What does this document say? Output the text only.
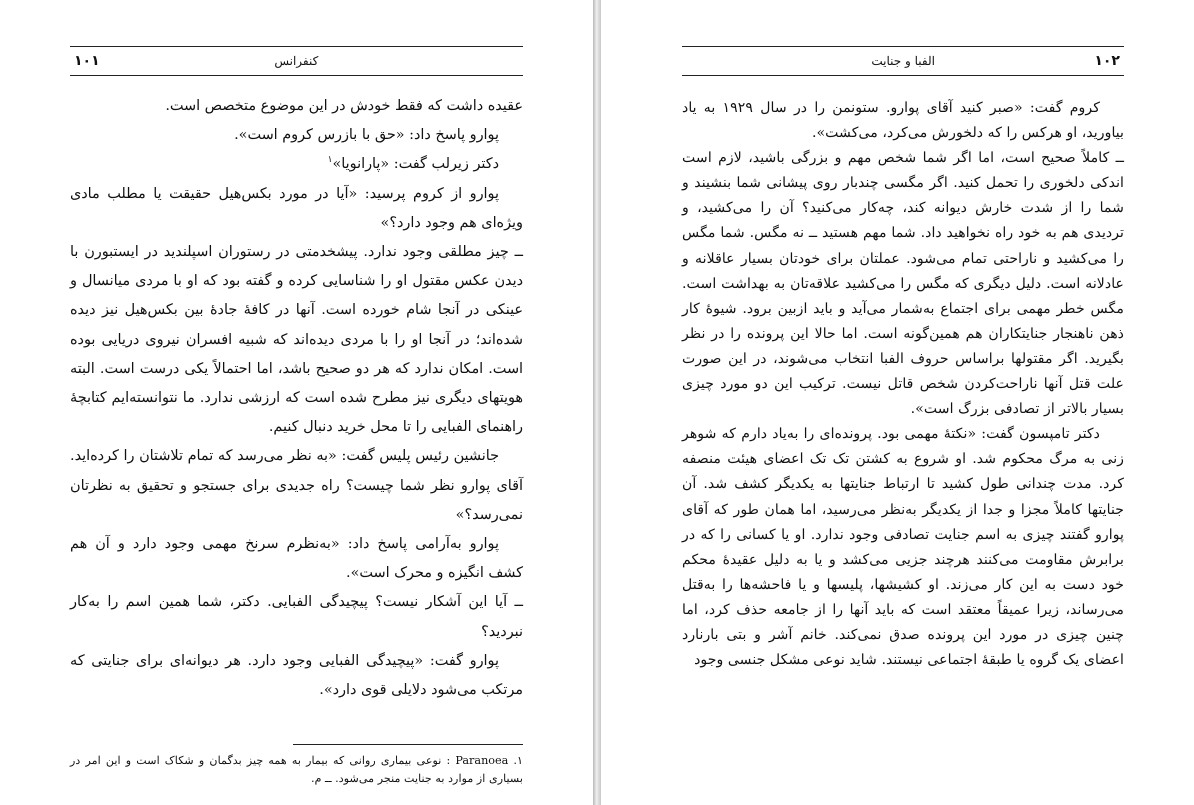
۱۰۱	کنفرانس

عقیده داشت که فقط خودش در این موضوع متخصص است.

پوارو پاسخ داد: «حق با بازرس کروم است».

دکتر زیرلب گفت: «پارانویا»$^۱$

پوارو از کروم پرسید: «آیا در مورد بکس‌هیل حقیقت یا مطلب مادی ویژه‌ای هم وجود دارد؟»

ــ چیز مطلقی وجود ندارد. پیشخدمتی در رستوران اسپلندید در ایستبورن با دیدن عکس مقتول او را شناسایی کرده و گفته بود که او با مردی میانسال و عینکی در آنجا شام خورده است. آنها در کافهٔ جادهٔ بین بکس‌هیل نیز دیده شده‌اند؛ در آنجا او را با مردی دیده‌اند که شبیه افسران نیروی دریایی بوده است. امکان ندارد که هر دو صحیح باشد، اما احتمالاً یکی درست است. البته هویتهای دیگری نیز مطرح شده است که ارزشی ندارد. ما نتوانسته‌ایم کتابچهٔ راهنمای الفبایی را تا محل خرید دنبال کنیم.

جانشین رئیس پلیس گفت: «به نظر می‌رسد که تمام تلاشتان را کرده‌اید. آقای پوارو نظر شما چیست؟ راه جدیدی برای جستجو و تحقیق به نظرتان نمی‌رسد؟»

پوارو به‌آرامی پاسخ داد: «به‌نظرم سرنخ مهمی وجود دارد و آن هم کشف انگیزه و محرک است».

ــ آیا این آشکار نیست؟ پیچیدگی الفبایی. دکتر، شما همین اسم را به‌کار نبردید؟

پوارو گفت: «پیچیدگی الفبایی وجود دارد. هر دیوانه‌ای برای جنایتی که مرتکب می‌شود دلایلی قوی دارد».

۱. Paranoea : نوعی بیماری روانی که بیمار به همه چیز بدگمان و شکاک است و این امر در بسیاری از موارد به جنایت منجر می‌شود. ــ م.
الفبا و جنایت	۱۰۲

کروم گفت: «صبر کنید آقای پوارو. ستونمن را در سال ۱۹۲۹ به یاد بیاورید، او هرکس را که دلخورش می‌کرد، می‌کشت».

ــ کاملاً صحیح است، اما اگر شما شخص مهم و بزرگی باشید، لازم است اندکی دلخوری را تحمل کنید. اگر مگسی چندبار روی پیشانی شما بنشیند و شما را از شدت خارش دیوانه کند، چه‌کار می‌کنید؟ آن را می‌کشید، و تردیدی هم به خود راه نخواهید داد. شما مهم هستید ــ نه مگس. شما مگس را می‌کشید و ناراحتی تمام می‌شود. عملتان برای خودتان بسیار عاقلانه و عادلانه است. دلیل دیگری که مگس را می‌کشید علاقه‌تان به بهداشت است. مگس خطر مهمی برای اجتماع به‌شمار می‌آید و باید ازبین برود. شیوهٔ کار ذهن ناهنجار جنایتکاران هم همین‌گونه است. اما حالا این پرونده را در نظر بگیرید. اگر مقتولها براساس حروف الفبا انتخاب می‌شوند، در این صورت علت قتل آنها ناراحت‌کردن شخص قاتل نیست. ترکیب این دو مورد چیزی بسیار بالاتر از تصادفی بزرگ است».

دکتر تامپسون گفت: «نکتهٔ مهمی بود. پرونده‌ای را به‌یاد دارم که شوهر زنی به مرگ محکوم شد. او شروع به کشتن تک تک اعضای هیئت منصفه کرد. مدت چندانی طول کشید تا ارتباط جنایتها به یکدیگر کشف شد. آن جنایتها کاملاً مجزا و جدا از یکدیگر به‌نظر می‌رسید، اما همان طور که آقای پوارو گفتند چیزی به اسم جنایت تصادفی وجود ندارد. او یا کسانی را که در برابرش مقاومت می‌کنند هرچند جزیی می‌کشد و یا به دلیل عقیدهٔ محکم خود دست به این کار می‌زند. او کشیشها، پلیسها و یا فاحشه‌ها را به‌قتل می‌رساند، زیرا عمیقاً معتقد است که باید آنها را از جامعه حذف کرد، اما چنین چیزی در مورد این پرونده صدق نمی‌کند. خانم آشر و بتی بارنارد اعضای یک گروه یا طبقهٔ اجتماعی نیستند. شاید نوعی مشکل جنسی وجود
